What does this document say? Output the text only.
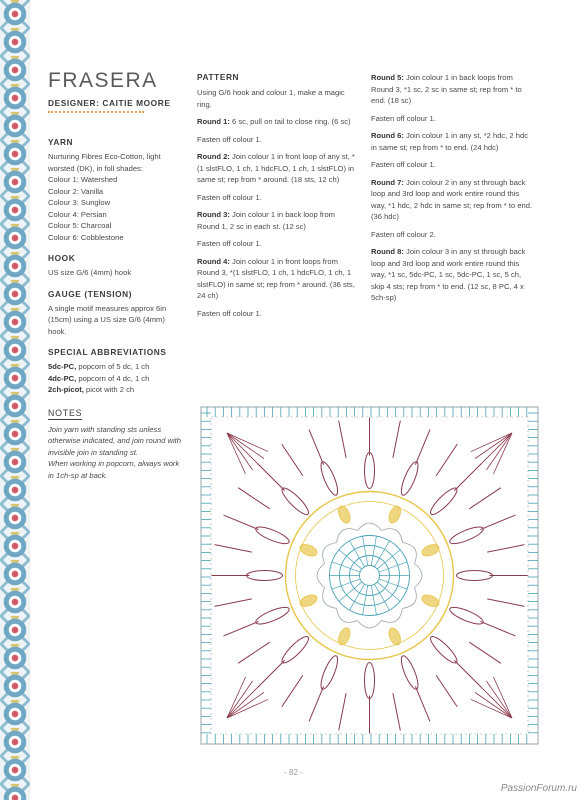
FRASERA
DESIGNER: CAITIE MOORE
YARN

Nurturing Fibres Eco-Cotton, light worsted (DK), in foll shades:

Colour 1: Watershed

Colour 2: Vanilla

Colour 3: Sunglow

Colour 4: Persian

Colour 5: Charcoal

Colour 6: Cobblestone

HOOK

US size G/6 (4mm) hook

GAUGE (TENSION)

A single motif measures approx 6in (15cm) using a US size G/6 (4mm) hook.

SPECIAL ABBREVIATIONS

5dc-PC, popcorn of 5 dc, 1 ch

4dc-PC, popcorn of 4 dc, 1 ch

2ch-picot, picot with 2 ch

NOTES

Join yarn with standing sts unless otherwise indicated, and join round with invisible join in standing st.

When working in popcorn, always work in 1ch-sp at back.

PATTERN

Using G/6 hook and colour 1, make a magic ring.

Round 1: 6 sc, pull on tail to close ring. (6 sc)

Fasten off colour 1.

Round 2: Join colour 1 in front loop of any st, *(1 slstFLO, 1 ch, 1 hdcFLO, 1 ch, 1 slstFLO) in same st; rep from * around. (18 sts, 12 ch)

Fasten off colour 1.

Round 3: Join colour 1 in back loop from Round 1, 2 sc in each st. (12 sc)

Fasten off colour 1.

Round 4: Join colour 1 in front loops from Round 3, *(1 slstFLO, 1 ch, 1 hdcFLO, 1 ch, 1 slstFLO) in same st; rep from * around. (36 sts, 24 ch)

Fasten off colour 1.

Round 5: Join colour 1 in back loops from Round 3, *1 sc, 2 sc in same st; rep from * to end. (18 sc)

Fasten off colour 1.

Round 6: Join colour 1 in any st, *2 hdc, 2 hdc in same st; rep from * to end. (24 hdc)

Fasten off colour 1.

Round 7: Join colour 2 in any st through back loop and 3rd loop and work entire round this way, *1 hdc, 2 hdc in same st; rep from * to end. (36 hdc)

Fasten off colour 2.

Round 8: Join colour 3 in any st through back loop and 3rd loop and work entire round this way, *1 sc, 5dc-PC, 1 sc, 5dc-PC, 1 sc, 5 ch, skip 4 sts; rep from * to end. (12 sc, 8 PC, 4 x 5ch-sp)

- 82 -
PassionForum.ru
